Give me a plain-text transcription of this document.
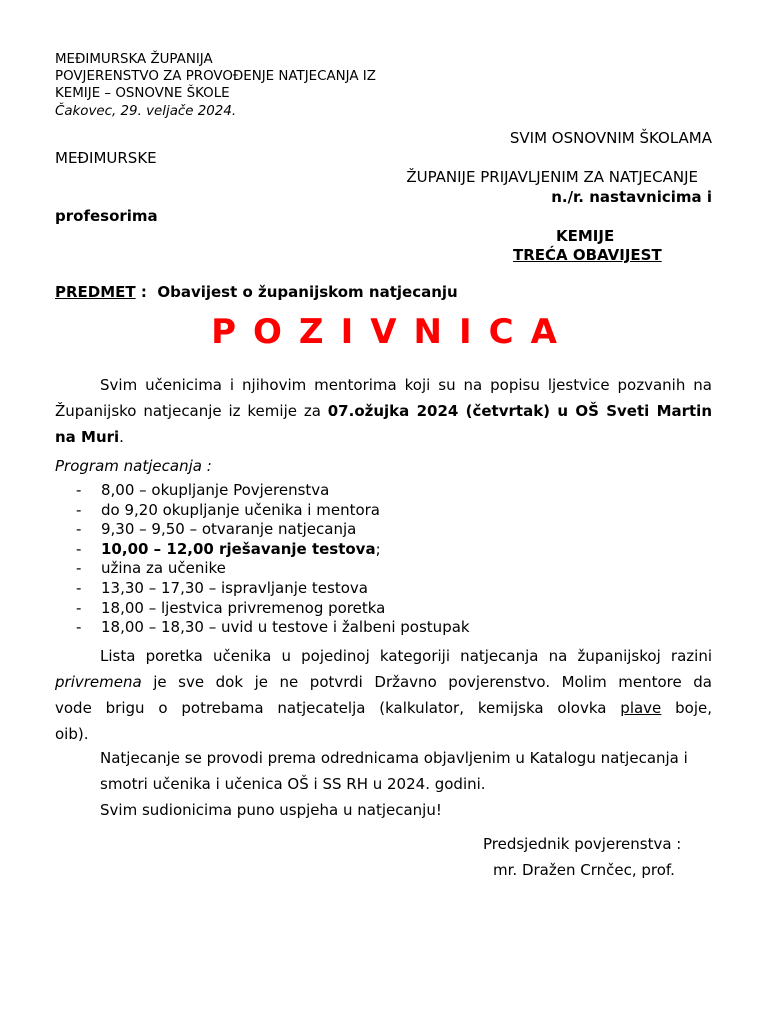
MEĐIMURSKA ŽUPANIJA
POVJERENSTVO ZA PROVOĐENJE NATJECANJA IZ
KEMIJE – OSNOVNE ŠKOLE
Čakovec, 29. veljače 2024.
SVIM OSNOVNIM ŠKOLAMA
MEĐIMURSKE
ŽUPANIJE PRIJAVLJENIM ZA NATJECANJE
n./r. nastavnicima i
profesorima
KEMIJE
TREĆA OBAVIJEST
PREDMET :  Obavijest o županijskom natjecanju
POZIVNICA
Svim učenicima i njihovim mentorima koji su na popisu ljestvice pozvanih na
Županijsko natjecanje iz kemije za 07.ožujka 2024 (četvrtak) u OŠ Sveti Martin
na Muri.
Program natjecanja :
- 8,00 – okupljanje Povjerenstva
- do 9,20 okupljanje učenika i mentora
- 9,30 – 9,50 – otvaranje natjecanja
- 10,00 – 12,00 rješavanje testova;
- užina za učenike
- 13,30 – 17,30 – ispravljanje testova
- 18,00 – ljestvica privremenog poretka
- 18,00 – 18,30 – uvid u testove i žalbeni postupak
Lista poretka učenika u pojedinoj kategoriji natjecanja na županijskoj razini
privremena je sve dok je ne potvrdi Državno povjerenstvo. Molim mentore da
vode brigu o potrebama natjecatelja (kalkulator, kemijska olovka plave boje,
oib).
Natjecanje se provodi prema odrednicama objavljenim u Katalogu natjecanja i
smotri učenika i učenica OŠ i SS RH u 2024. godini.
Svim sudionicima puno uspjeha u natjecanju!
Predsjednik povjerenstva :
mr. Dražen Crnčec, prof.
